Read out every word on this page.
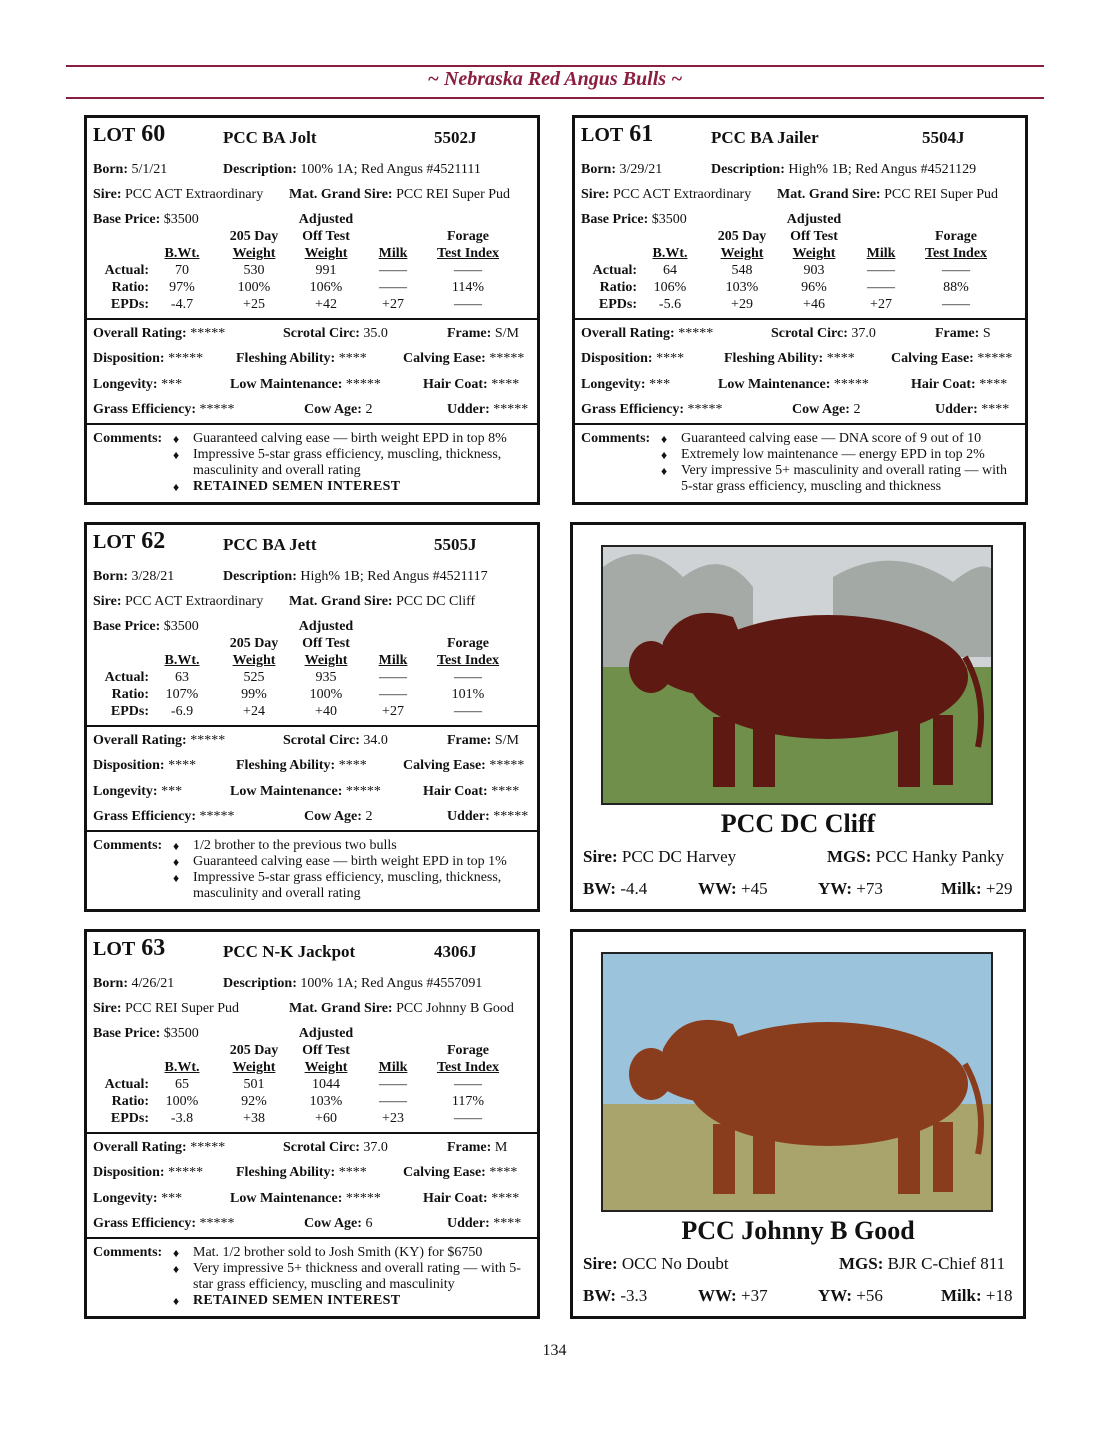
~ Nebraska Red Angus Bulls ~
LOT 60	PCC BA Jolt	5502J
Born: 5/1/21	Description: 100% 1A; Red Angus #4521111
Sire: PCC ACT Extraordinary Mat. Grand Sire: PCC REI Super Pud
Base Price: $3500	Adjusted
205 Day	Off Test	Forage
B.Wt.	Weight	Weight	Milk	Test Index
Actual:	70	530	991	——	——
Ratio:	97%	100%	106%	——	114%
EPDs:	-4.7	+25	+42	+27	——
Overall Rating: *****	Scrotal Circ: 35.0	Frame: S/M
Disposition: ***** Fleshing Ability: ****	Calving Ease: *****
Longevity: ***	Low Maintenance: *****	Hair Coat: ****
Grass Efficiency: *****	Cow Age: 2	Udder: *****
Comments: ♦ Guaranteed calving ease — birth weight EPD in top 8%
♦ Impressive 5-star grass efficiency, muscling, thickness, masculinity and overall rating
♦ RETAINED SEMEN INTEREST
LOT 61	PCC BA Jailer	5504J
Born: 3/29/21	Description: High% 1B; Red Angus #4521129
Sire: PCC ACT Extraordinary Mat. Grand Sire: PCC REI Super Pud
Base Price: $3500	Adjusted
205 Day	Off Test	Forage
B.Wt.	Weight	Weight	Milk	Test Index
Actual:	64	548	903	——	——
Ratio:	106%	103%	96%	——	88%
EPDs:	-5.6	+29	+46	+27	——
Overall Rating: *****	Scrotal Circ: 37.0	Frame: S
Disposition: ****	Fleshing Ability: ****	Calving Ease: *****
Longevity: ***	Low Maintenance: *****	Hair Coat: ****
Grass Efficiency: *****	Cow Age: 2	Udder: ****
Comments: ♦ Guaranteed calving ease — DNA score of 9 out of 10
♦ Extremely low maintenance — energy EPD in top 2%
♦ Very impressive 5+ masculinity and overall rating — with 5-star grass efficiency, muscling and thickness
LOT 62	PCC BA Jett	5505J
Born: 3/28/21	Description: High% 1B; Red Angus #4521117
Sire: PCC ACT Extraordinary Mat. Grand Sire: PCC DC Cliff
Base Price: $3500	Adjusted
205 Day	Off Test	Forage
B.Wt.	Weight	Weight	Milk	Test Index
Actual:	63	525	935	——	——
Ratio:	107%	99%	100%	——	101%
EPDs:	-6.9	+24	+40	+27	——
Overall Rating: *****	Scrotal Circ: 34.0	Frame: S/M
Disposition: ****	Fleshing Ability: ****	Calving Ease: *****
Longevity: ***	Low Maintenance: *****	Hair Coat: ****
Grass Efficiency: *****	Cow Age: 2	Udder: *****
Comments: ♦ 1/2 brother to the previous two bulls
♦ Guaranteed calving ease — birth weight EPD in top 1%
♦ Impressive 5-star grass efficiency, muscling, thickness, masculinity and overall rating
LOT 63	PCC N-K Jackpot	4306J
Born: 4/26/21	Description: 100% 1A; Red Angus #4557091
Sire: PCC REI Super Pud	Mat. Grand Sire: PCC Johnny B Good
Base Price: $3500	Adjusted
205 Day	Off Test	Forage
B.Wt.	Weight	Weight	Milk	Test Index
Actual:	65	501	1044	——	——
Ratio:	100%	92%	103%	——	117%
EPDs:	-3.8	+38	+60	+23	——
Overall Rating: *****	Scrotal Circ: 37.0	Frame: M
Disposition: ***** Fleshing Ability: ****	Calving Ease: ****
Longevity: ***	Low Maintenance: *****	Hair Coat: ****
Grass Efficiency: *****	Cow Age: 6	Udder: ****
Comments: ♦ Mat. 1/2 brother sold to Josh Smith (KY) for $6750
♦ Very impressive 5+ thickness and overall rating — with 5-star grass efficiency, muscling and masculinity
♦ RETAINED SEMEN INTEREST
PCC DC Cliff
Sire: PCC DC Harvey	MGS: PCC Hanky Panky
BW: -4.4	WW: +45	YW: +73	Milk: +29
PCC Johnny B Good
Sire: OCC No Doubt	MGS: BJR C-Chief 811
BW: -3.3	WW: +37	YW: +56	Milk: +18
134
